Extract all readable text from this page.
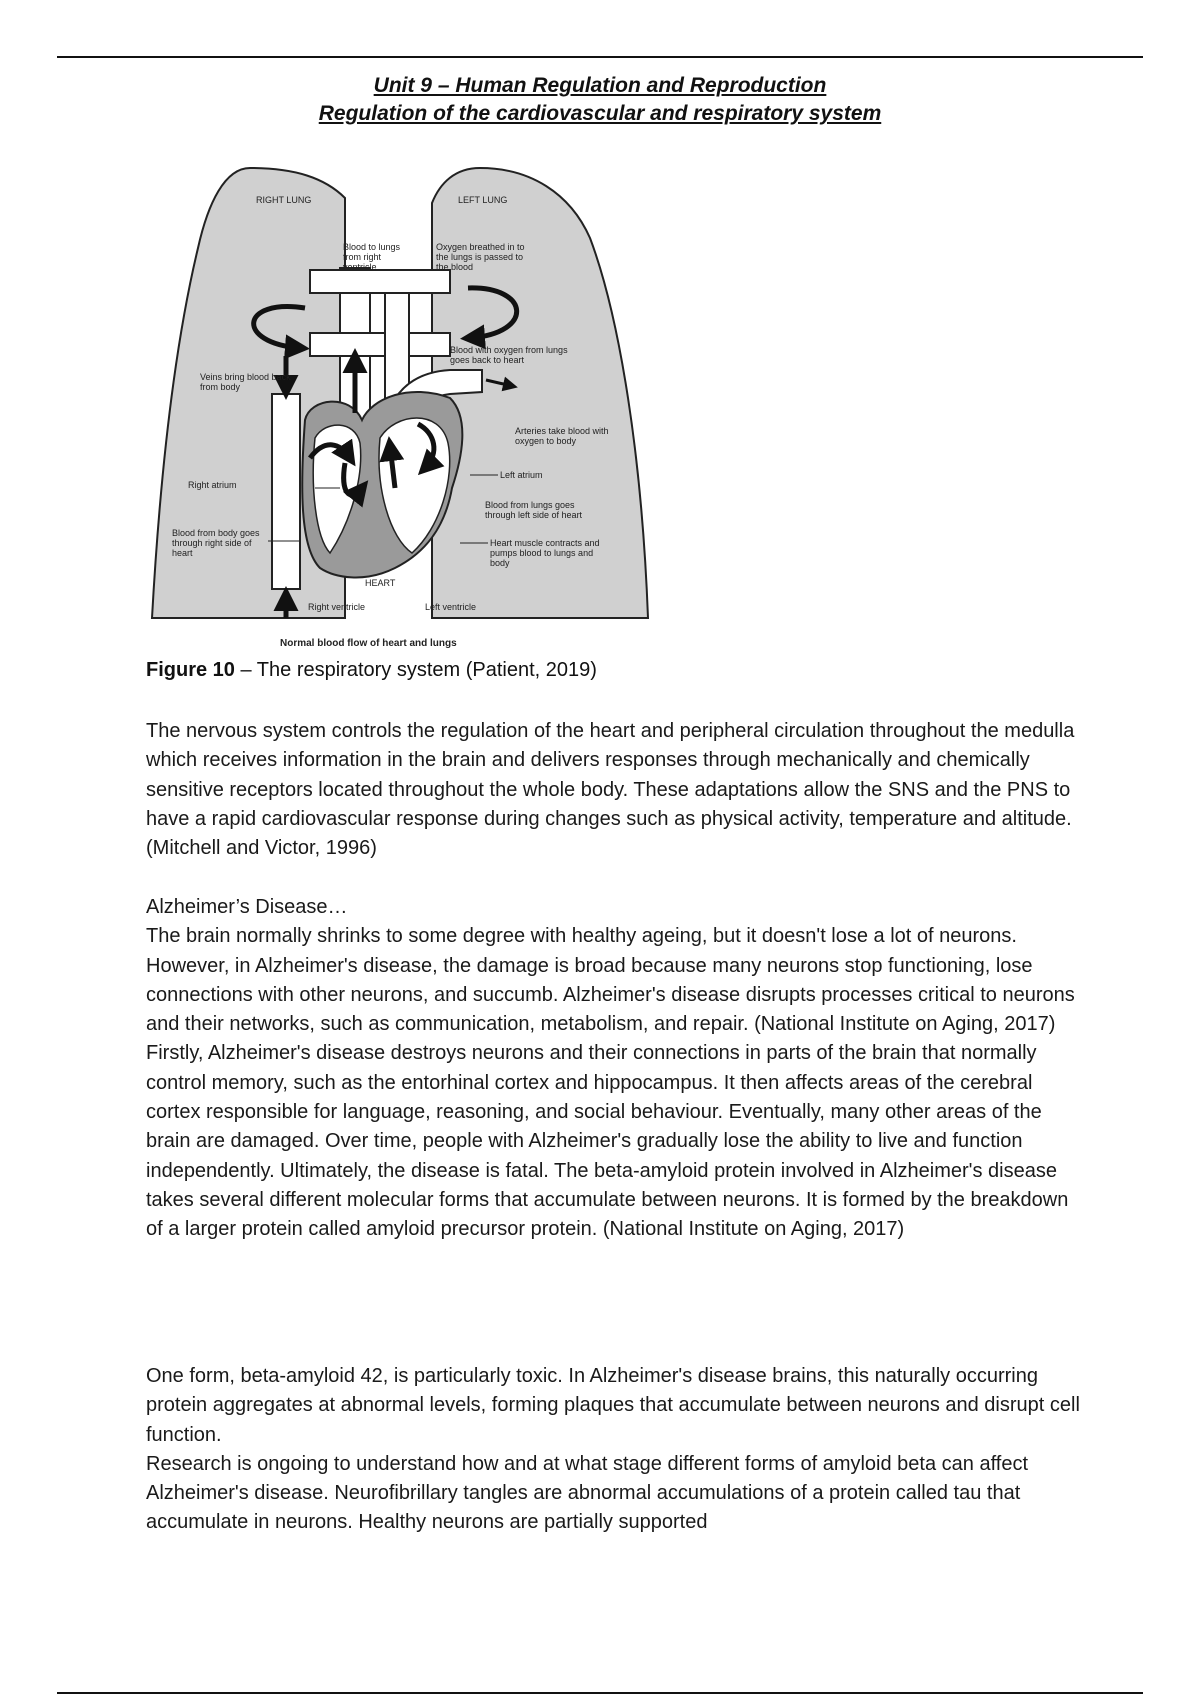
Unit 9 – Human Regulation and Reproduction
Regulation of the cardiovascular and respiratory system
RIGHT LUNG	LEFT LUNG
Blood to lungs
from right
ventricle
Oxygen breathed in to
the lungs is passed to
the blood
Blood with oxygen from lungs
goes back to heart
Veins bring blood back
from body
Arteries take blood with
oxygen to body
Left atrium
Right atrium
Blood from lungs goes
through left side of heart
Blood from body goes
through right side of
heart
Heart muscle contracts and
pumps blood to lungs and
body
HEART
Right ventricle	Left ventricle
Normal blood flow of heart and lungs
Figure 10 – The respiratory system (Patient, 2019)

The nervous system controls the regulation of the heart and peripheral circulation throughout the medulla which receives information in the brain and delivers responses through mechanically and chemically sensitive receptors located throughout the whole body. These adaptations allow the SNS and the PNS to have a rapid cardiovascular response during changes such as physical activity, temperature and altitude. (Mitchell and Victor, 1996)

Alzheimer’s Disease…

The brain normally shrinks to some degree with healthy ageing, but it doesn't lose a lot of neurons.

However, in Alzheimer's disease, the damage is broad because many neurons stop functioning, lose connections with other neurons, and succumb. Alzheimer's disease disrupts processes critical to neurons and their networks, such as communication, metabolism, and repair. (National Institute on Aging, 2017)

Firstly, Alzheimer's disease destroys neurons and their connections in parts of the brain that normally control memory, such as the entorhinal cortex and hippocampus. It then affects areas of the cerebral cortex responsible for language, reasoning, and social behaviour. Eventually, many other areas of the brain are damaged. Over time, people with Alzheimer's gradually lose the ability to live and function independently. Ultimately, the disease is fatal. The beta-amyloid protein involved in Alzheimer's disease takes several different molecular forms that accumulate between neurons. It is formed by the breakdown of a larger protein called amyloid precursor protein. (National Institute on Aging, 2017)

One form, beta-amyloid 42, is particularly toxic. In Alzheimer's disease brains, this naturally occurring protein aggregates at abnormal levels, forming plaques that accumulate between neurons and disrupt cell function.

Research is ongoing to understand how and at what stage different forms of amyloid beta can affect Alzheimer's disease. Neurofibrillary tangles are abnormal accumulations of a protein called tau that accumulate in neurons. Healthy neurons are partially supported
